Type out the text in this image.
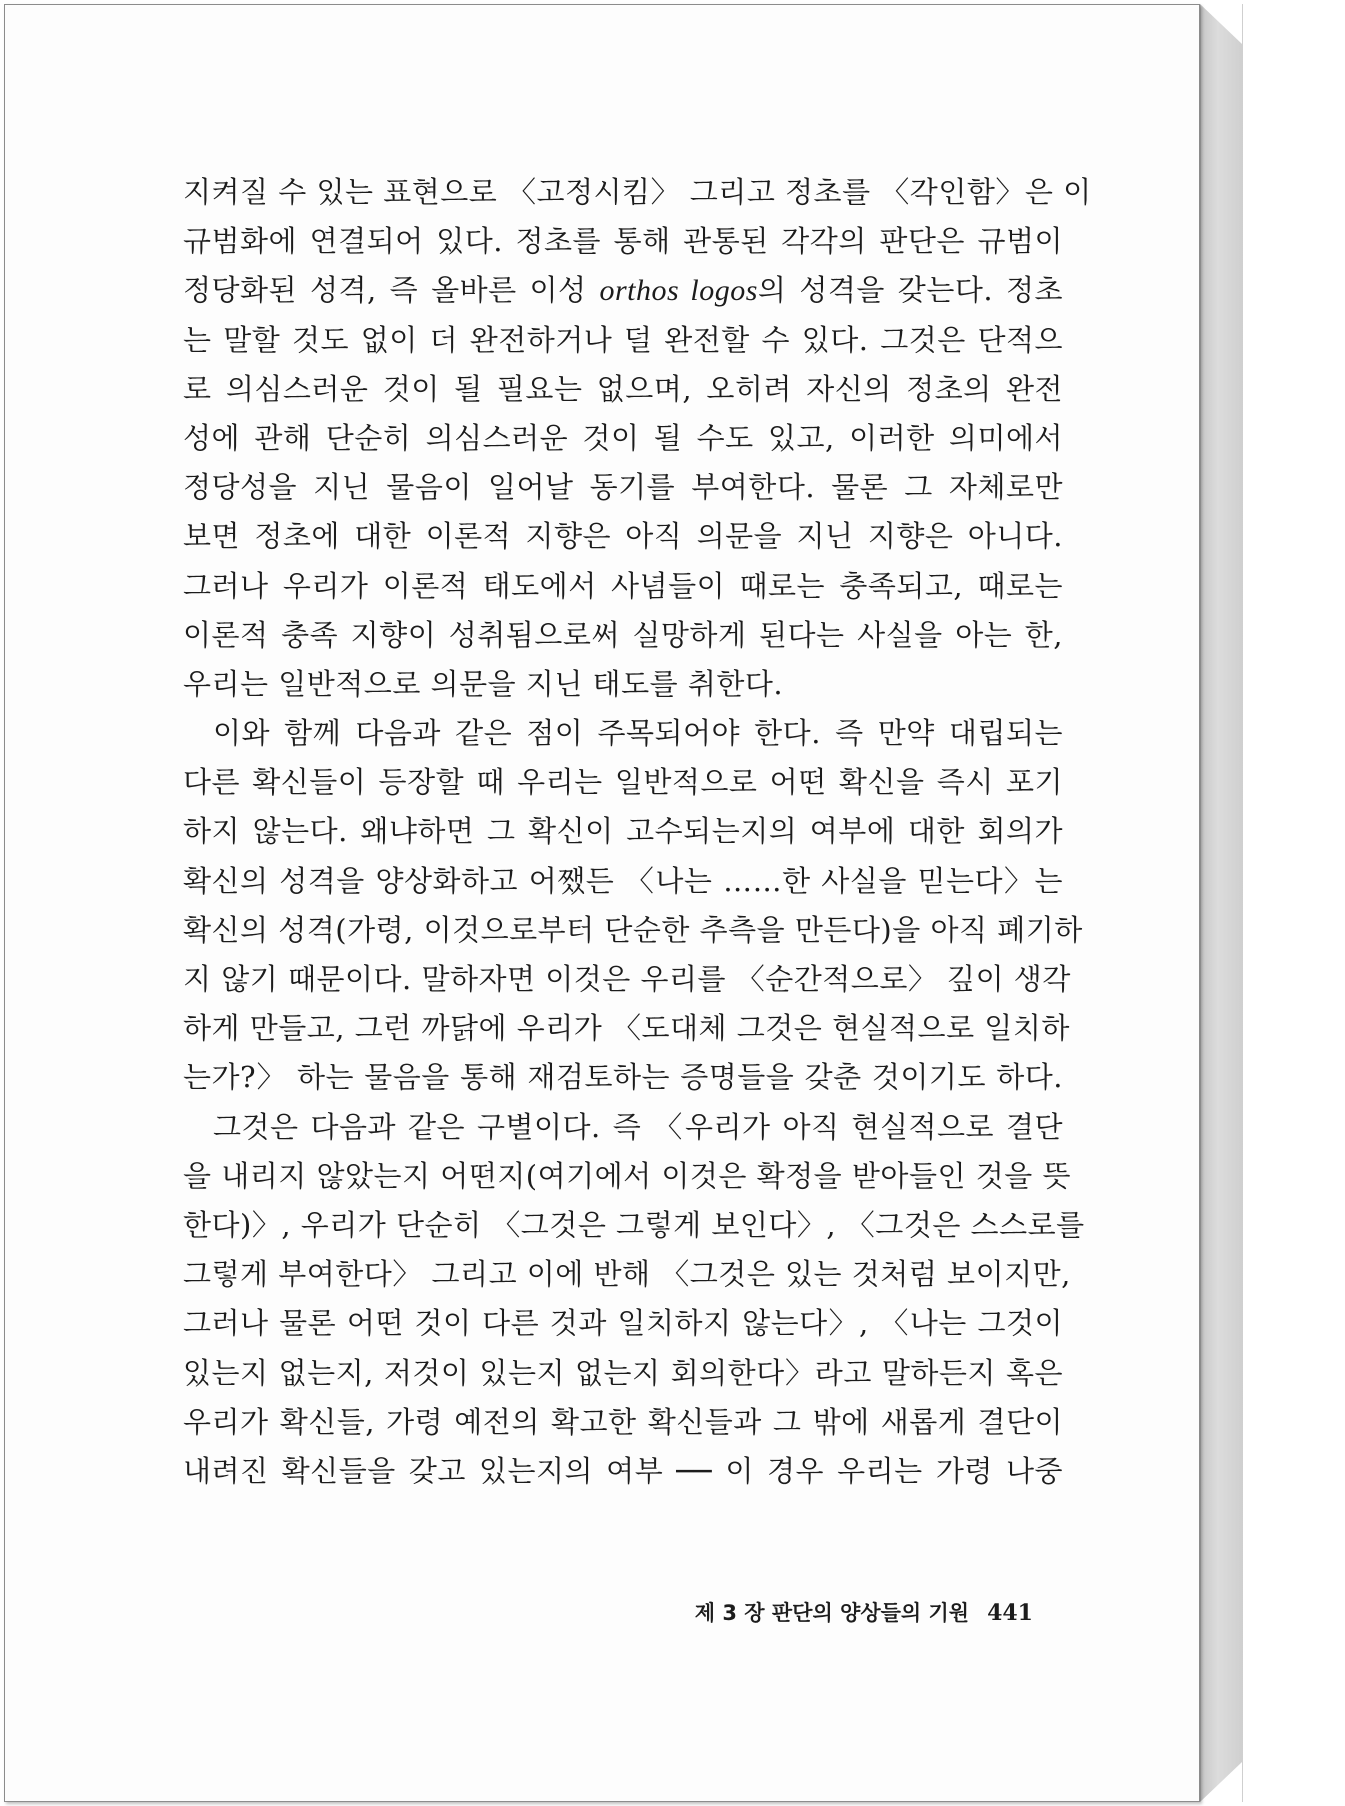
지켜질 수 있는 표현으로 〈고정시킴〉 그리고 정초를 〈각인함〉은 이
규범화에 연결되어 있다. 정초를 통해 관통된 각각의 판단은 규범이
정당화된 성격, 즉 올바른 이성 orthos logos의 성격을 갖는다. 정초
는 말할 것도 없이 더 완전하거나 덜 완전할 수 있다. 그것은 단적으
로 의심스러운 것이 될 필요는 없으며, 오히려 자신의 정초의 완전
성에 관해 단순히 의심스러운 것이 될 수도 있고, 이러한 의미에서
정당성을 지닌 물음이 일어날 동기를 부여한다. 물론 그 자체로만
보면 정초에 대한 이론적 지향은 아직 의문을 지닌 지향은 아니다.
그러나 우리가 이론적 태도에서 사념들이 때로는 충족되고, 때로는
이론적 충족 지향이 성취됨으로써 실망하게 된다는 사실을 아는 한,
우리는 일반적으로 의문을 지닌 태도를 취한다.
이와 함께 다음과 같은 점이 주목되어야 한다. 즉 만약 대립되는
다른 확신들이 등장할 때 우리는 일반적으로 어떤 확신을 즉시 포기
하지 않는다. 왜냐하면 그 확신이 고수되는지의 여부에 대한 회의가
확신의 성격을 양상화하고 어쨌든 〈나는 ……한 사실을 믿는다〉는
확신의 성격(가령, 이것으로부터 단순한 추측을 만든다)을 아직 폐기하
지 않기 때문이다. 말하자면 이것은 우리를 〈순간적으로〉 깊이 생각
하게 만들고, 그런 까닭에 우리가 〈도대체 그것은 현실적으로 일치하
는가?〉 하는 물음을 통해 재검토하는 증명들을 갖춘 것이기도 하다.
그것은 다음과 같은 구별이다. 즉 〈우리가 아직 현실적으로 결단
을 내리지 않았는지 어떤지(여기에서 이것은 확정을 받아들인 것을 뜻
한다)〉, 우리가 단순히 〈그것은 그렇게 보인다〉, 〈그것은 스스로를
그렇게 부여한다〉 그리고 이에 반해 〈그것은 있는 것처럼 보이지만,
그러나 물론 어떤 것이 다른 것과 일치하지 않는다〉, 〈나는 그것이
있는지 없는지, 저것이 있는지 없는지 회의한다〉라고 말하든지 혹은
우리가 확신들, 가령 예전의 확고한 확신들과 그 밖에 새롭게 결단이
내려진 확신들을 갖고 있는지의 여부 ── 이 경우 우리는 가령 나중
제 3 장 판단의 양상들의 기원 441
